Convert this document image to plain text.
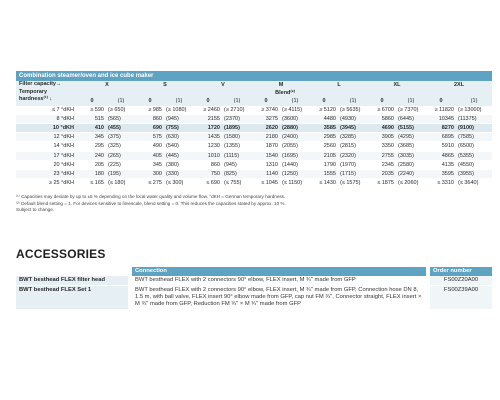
Combination steamer/oven and ice cube maker														
Filter capacity→	X		S		V		M		L		XL		2XL	
Temporary hardness⁽¹⁾ ↓	Blend⁽²⁾													
	0	(1)	0	(1)	0	(1)	0	(1)	0	(1)	0	(1)	0	(1)
≤ 7 °dKH	≥ 590	(≥ 650)	≥ 985	(≥ 1080)	≥ 2460	(≥ 2710)	≥ 3740	(≥ 4115)	≥ 5120	(≥ 5635)	≥ 6700	(≥ 7370)	≥ 11820	(≥ 13000)
8 °dKH	515	(565)	860	(945)	2155	(2370)	3275	(3600)	4480	(4930)	5860	(6445)	10345	(11375)
10 °dKH	410	(455)	690	(755)	1720	(1895)	2620	(2880)	3585	(3945)	4690	(5155)	8270	(9100)
12 °dKH	345	(375)	575	(630)	1435	(1580)	2180	(2400)	2985	(3285)	3905	(4295)	6895	(7585)
14 °dKH	295	(325)	490	(540)	1230	(1355)	1870	(2055)	2560	(2815)	3350	(3685)	5910	(6500)
17 °dKH	240	(265)	405	(445)	1010	(1115)	1540	(1695)	2105	(2320)	2755	(3035)	4865	(5355)
20 °dKH	205	(225)	345	(380)	860	(945)	1310	(1440)	1790	(1970)	2345	(2580)	4135	(4550)
23 °dKH	180	(195)	300	(330)	750	(825)	1140	(1250)	1555	(1715)	2035	(2240)	3595	(3955)
≥ 25 °dKH	≤ 165	(≤ 180)	≤ 275	(≤ 300)	≤ 690	(≤ 755)	≤ 1045	(≤ 1150)	≤ 1430	(≤ 1575)	≤ 1875	(≤ 2060)	≤ 3310	(≤ 3640)
⁽¹⁾ Capacities may deviate by up to ±5 % depending on the local water quality and volume flow. °dKH = German temporary hardness.
⁽²⁾ Default blend setting = 1. For devices sensitive to limescale, blend setting = 0. This reduces the capacities stated by approx. 10 %.
Subject to change.
ACCESSORIES
		Connection		Order number
BWT besthead FLEX filter head		BWT besthead FLEX with 2 connectors 90° elbow, FLEX insert, M ¾" made from GFP		FS00Z20A00
BWT besthead FLEX Set 1		BWT besthead FLEX with 2 connectors 90° elbow, FLEX insert, M ¾" made from GFP, Connection hose DN 8, 1.5 m, with ball valve, FLEX insert 90° elbow made from GFP, cap nut FM ¾", Connector straight, FLEX insert × M ¾" made from GFP, Reduction FM ¾" × M ¾" made from GFP		FS00Z39A00
